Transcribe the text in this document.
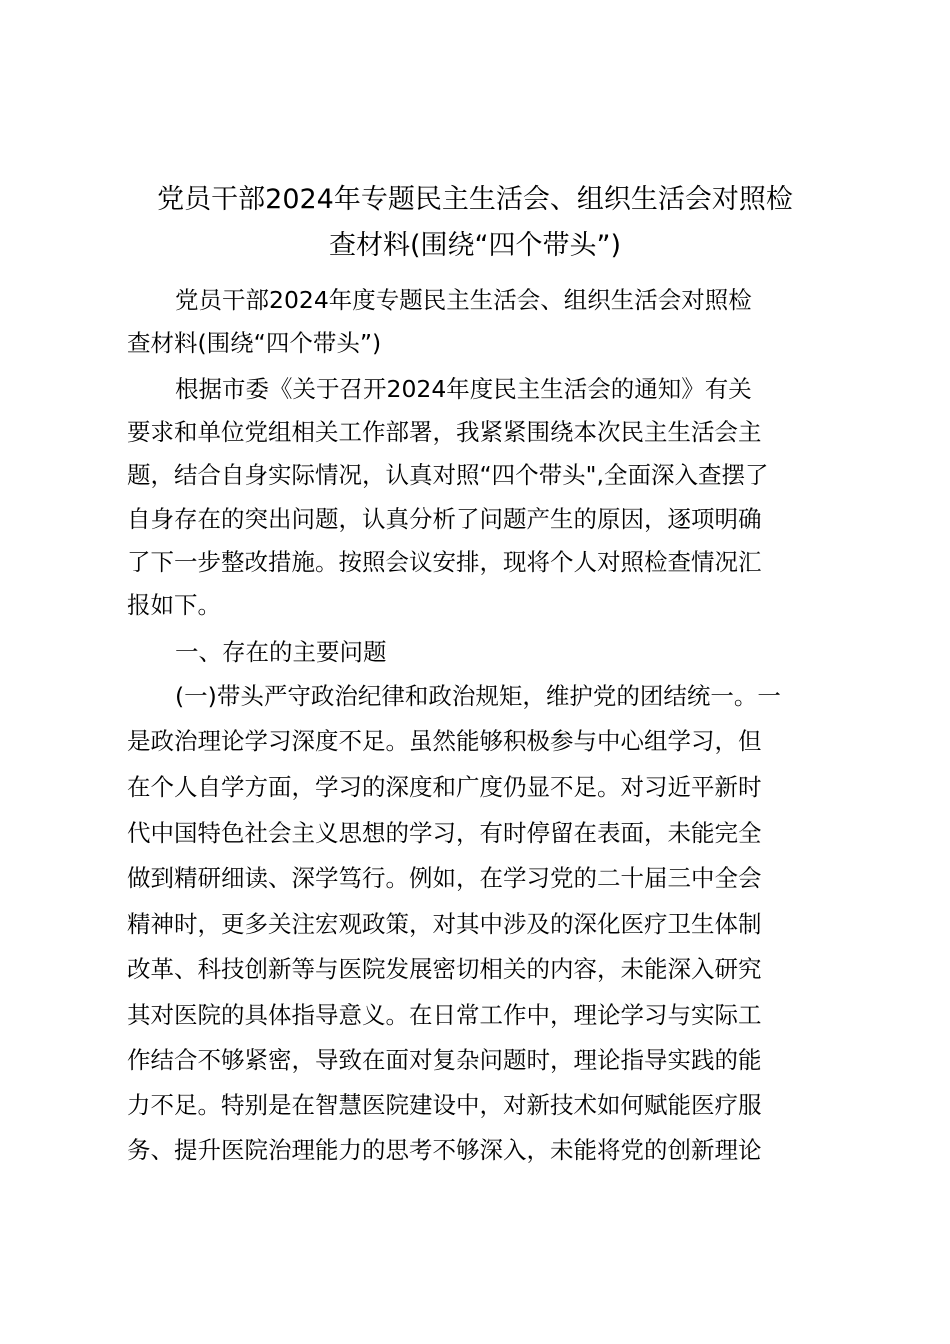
党员干部2024年专题民主生活会、组织生活会对照检
查材料(围绕“四个带头”)

党员干部2024年度专题民主生活会、组织生活会对照检

查材料(围绕“四个带头”)

根据市委《关于召开2024年度民主生活会的通知》有关

要求和单位党组相关工作部署，我紧紧围绕本次民主生活会主

题，结合自身实际情况，认真对照“四个带头",全面深入查摆了

自身存在的突出问题，认真分析了问题产生的原因，逐项明确

了下一步整改措施。按照会议安排，现将个人对照检查情况汇

报如下。

一、存在的主要问题

(一)带头严守政治纪律和政治规矩，维护党的团结统一。一

是政治理论学习深度不足。虽然能够积极参与中心组学习，但

在个人自学方面，学习的深度和广度仍显不足。对习近平新时

代中国特色社会主义思想的学习，有时停留在表面，未能完全

做到精研细读、深学笃行。例如，在学习党的二十届三中全会

精神时，更多关注宏观政策，对其中涉及的深化医疗卫生体制

改革、科技创新等与医院发展密切相关的内容，未能深入研究

其对医院的具体指导意义。在日常工作中，理论学习与实际工

作结合不够紧密，导致在面对复杂问题时，理论指导实践的能

力不足。特别是在智慧医院建设中，对新技术如何赋能医疗服

务、提升医院治理能力的思考不够深入，未能将党的创新理论
